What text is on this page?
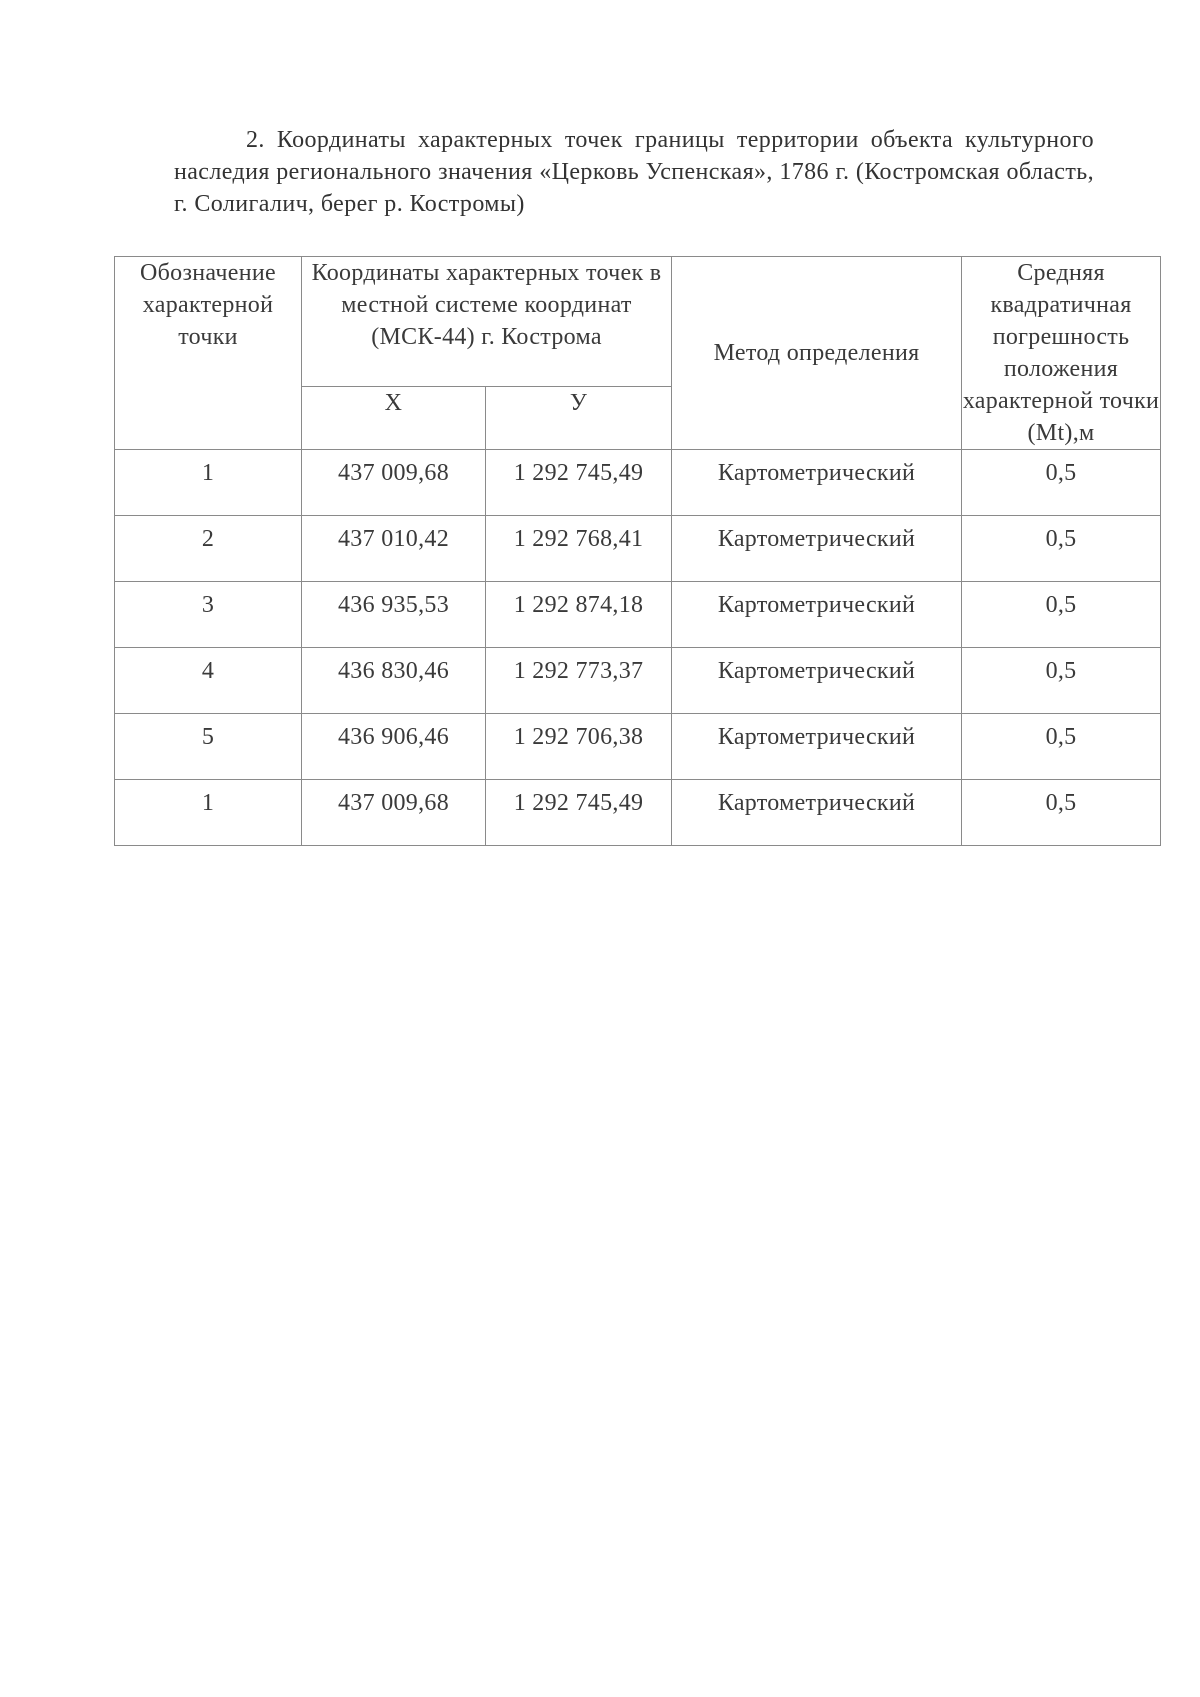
2. Координаты характерных точек границы территории объекта культурного наследия регионального значения «Церковь Успенская», 1786 г. (Костромская область, г. Солигалич, берег р. Костромы)
Обозначение характерной точки	Координаты характерных точек в местной системе координат (МСК-44) г. Кострома		Метод определения	Средняя квадратичная погрешность положения характерной точки (Mt),м
	Х	У		
1	437 009,68	1 292 745,49	Картометрический	0,5
2	437 010,42	1 292 768,41	Картометрический	0,5
3	436 935,53	1 292 874,18	Картометрический	0,5
4	436 830,46	1 292 773,37	Картометрический	0,5
5	436 906,46	1 292 706,38	Картометрический	0,5
1	437 009,68	1 292 745,49	Картометрический	0,5
